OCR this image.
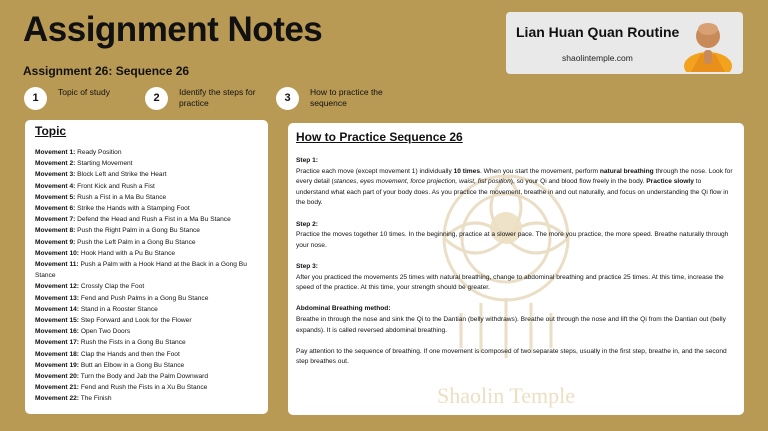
Assignment Notes
Assignment 26: Sequence 26
1	Topic of study	2	Identify the steps for practice	3	How to practice the sequence
Lian Huan Quan Routine
shaolintemple.com
Topic
Movement 1: Ready Position
Movement 2: Starting Movement
Movement 3: Block Left and Strike the Heart
Movement 4: Front Kick and Rush a Fist
Movement 5: Rush a Fist in a Ma Bu Stance
Movement 6: Strike the Hands with a Stamping Foot
Movement 7: Defend the Head and Rush a Fist in a Ma Bu Stance
Movement 8: Push the Right Palm in a Gong Bu Stance
Movement 9: Push the Left Palm in a Gong Bu Stance
Movement 10: Hook Hand with a Pu Bu Stance
Movement 11: Push a Palm with a Hook Hand at the Back in a Gong Bu Stance
Movement 12: Crossly Clap the Foot
Movement 13: Fend and Push Palms in a Gong Bu Stance
Movement 14: Stand in a Rooster Stance
Movement 15: Step Forward and Look for the Flower
Movement 16: Open Two Doors
Movement 17: Rush the Fists in a Gong Bu Stance
Movement 18: Clap the Hands and then the Foot
Movement 19: Butt an Elbow in a Gong Bu Stance
Movement 20: Turn the Body and Jab the Palm Downward
Movement 21: Fend and Rush the Fists in a Xu Bu Stance
Movement 22: The Finish	Shaolin Temple
How to Practice Sequence 26

Step 1:
Practice each move (except movement 1) individually 10 times. When you start the movement, perform natural breathing through the nose. Look for every detail (stances, eyes movement, force projection, waist, fist position), so your Qi and blood flow freely in the body. Practice slowly to understand what each part of your body does. As you practice the movement, breathe in and out naturally, and focus on understanding the Qi flow in the body.

Step 2:
Practice the moves together 10 times. In the beginning, practice at a slower pace. The more you practice, the more speed. Breathe naturally through your nose.

Step 3:
After you practiced the movements 25 times with natural breathing, change to abdominal breathing and practice 25 times. At this time, increase the speed of the practice. At this time, your strength should be greater.

Abdominal Breathing method:
Breathe in through the nose and sink the Qi to the Dantian (belly withdraws). Breathe out through the nose and lift the Qi from the Dantian out (belly expands). It is called reversed abdominal breathing.

Pay attention to the sequence of breathing. If one movement is composed of two separate steps, usually in the first step, breathe in, and the second step breathes out.
